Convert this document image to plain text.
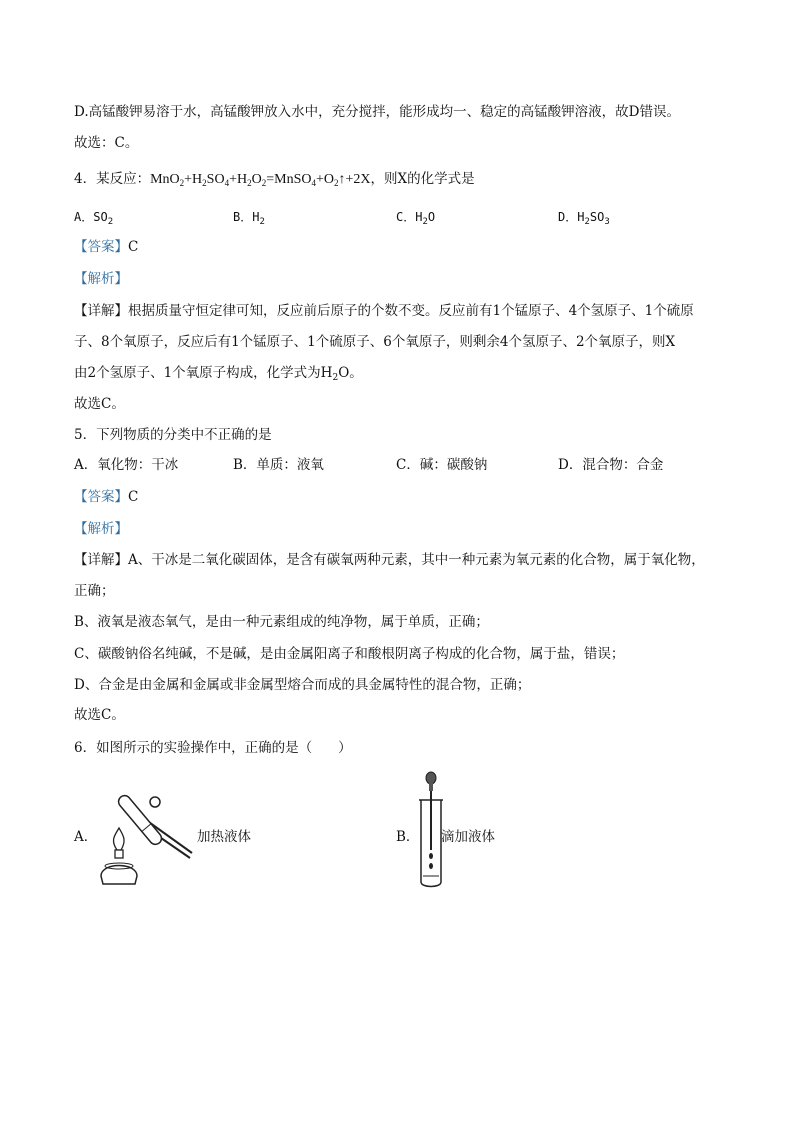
D.高锰酸钾易溶于水，高锰酸钾放入水中，充分搅拌，能形成均一、稳定的高锰酸钾溶液，故D错误。
故选：C。
4．某反应：$MnO_2+H_2SO_4+H_2O_2=MnSO_4+O_2↑+2X$，则X的化学式是
A．$SO_2$	B．$H_2$	C．$H_2O$	D．$H_2SO_3$
【答案】C
【解析】
【详解】根据质量守恒定律可知，反应前后原子的个数不变。反应前有1个锰原子、4个氢原子、1个硫原
子、8个氧原子，反应后有1个锰原子、1个硫原子、6个氧原子，则剩余4个氢原子、2个氧原子，则X
由2个氢原子、1个氧原子构成，化学式为$H_2O$。
故选C。
5．下列物质的分类中不正确的是
A．氧化物：干冰	B．单质：液氧	C．碱：碳酸钠	D．混合物：合金
【答案】C
【解析】
【详解】A、干冰是二氧化碳固体，是含有碳氧两种元素，其中一种元素为氧元素的化合物，属于氧化物，
正确；
B、液氧是液态氧气，是由一种元素组成的纯净物，属于单质，正确；
C、碳酸钠俗名纯碱，不是碱，是由金属阳离子和酸根阴离子构成的化合物，属于盐，错误；
D、合金是由金属和金属或非金属型熔合而成的具金属特性的混合物，正确；
故选C。
6．如图所示的实验操作中，正确的是（ ）
A．	加热液体	B． 滴加液体
